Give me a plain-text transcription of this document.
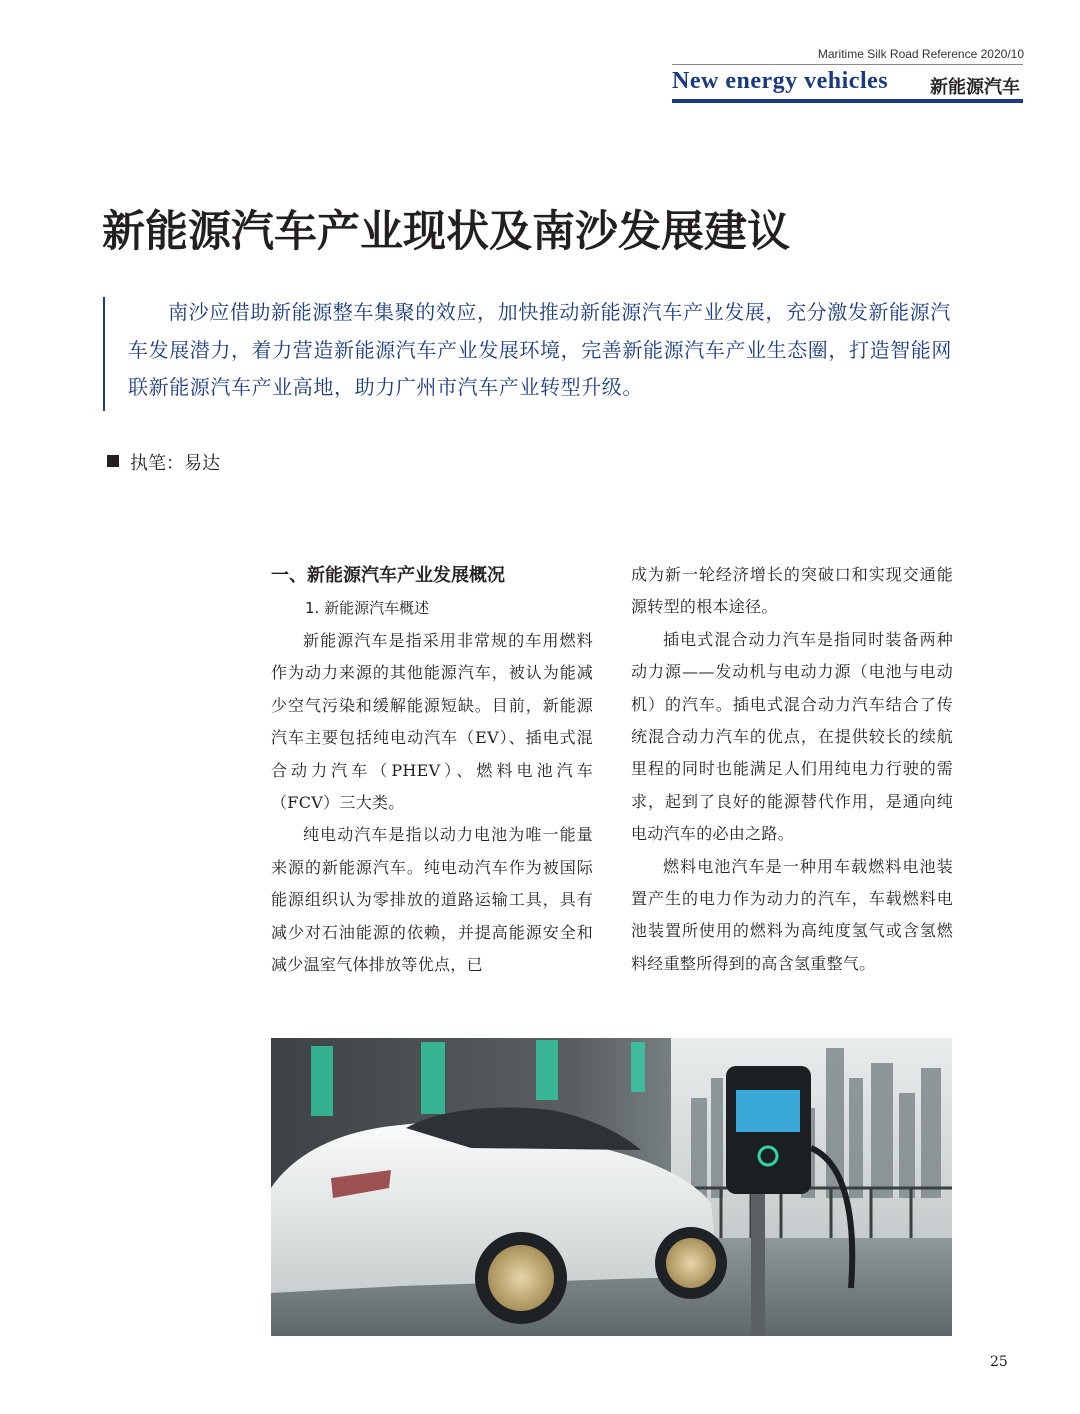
Maritime Silk Road Reference 2020/10
New energy vehicles 新能源汽车
新能源汽车产业现状及南沙发展建议
南沙应借助新能源整车集聚的效应，加快推动新能源汽车产业发展，充分激发新能源汽车发展潜力，着力营造新能源汽车产业发展环境，完善新能源汽车产业生态圈，打造智能网联新能源汽车产业高地，助力广州市汽车产业转型升级。
执笔：易达
一、新能源汽车产业发展概况
1. 新能源汽车概述

新能源汽车是指采用非常规的车用燃料作为动力来源的其他能源汽车，被认为能减少空气污染和缓解能源短缺。目前，新能源汽车主要包括纯电动汽车（EV）、插电式混合动力汽车（PHEV）、燃料电池汽车（FCV）三大类。

纯电动汽车是指以动力电池为唯一能量来源的新能源汽车。纯电动汽车作为被国际能源组织认为零排放的道路运输工具，具有减少对石油能源的依赖，并提高能源安全和减少温室气体排放等优点，已

成为新一轮经济增长的突破口和实现交通能源转型的根本途径。

插电式混合动力汽车是指同时装备两种动力源——发动机与电动力源（电池与电动机）的汽车。插电式混合动力汽车结合了传统混合动力汽车的优点，在提供较长的续航里程的同时也能满足人们用纯电力行驶的需求，起到了良好的能源替代作用，是通向纯电动汽车的必由之路。

燃料电池汽车是一种用车载燃料电池装置产生的电力作为动力的汽车，车载燃料电池装置所使用的燃料为高纯度氢气或含氢燃料经重整所得到的高含氢重整气。

25
